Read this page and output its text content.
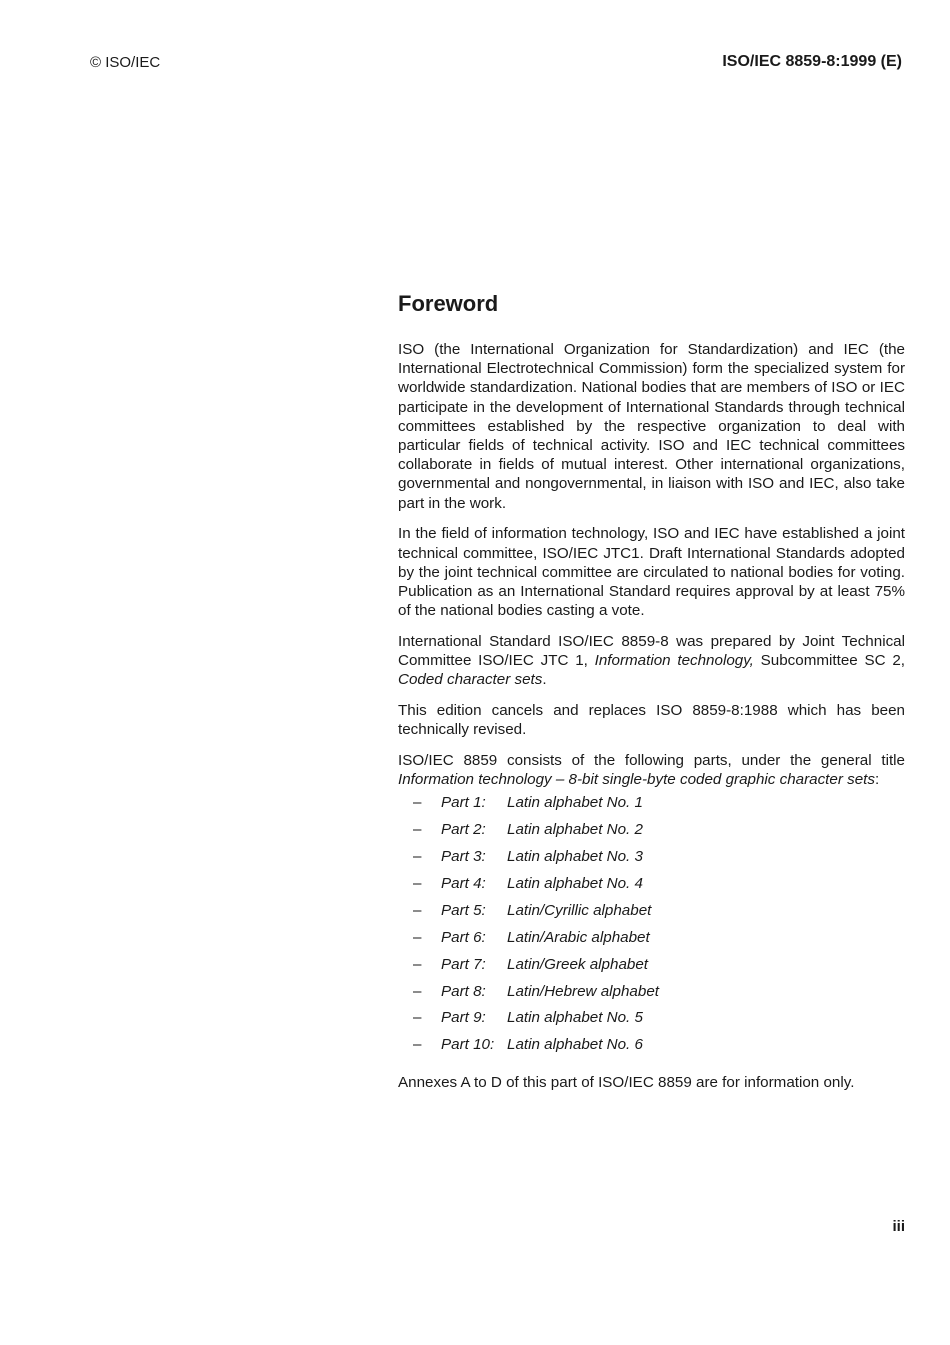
© ISO/IEC	ISO/IEC 8859-8:1999 (E)
Foreword

ISO (the International Organization for Standardization) and IEC (the International Electrotechnical Commission) form the specialized system for worldwide standardization. National bodies that are members of ISO or IEC participate in the development of International Standards through technical committees established by the respective organization to deal with particular fields of technical activity. ISO and IEC technical committees collaborate in fields of mutual interest. Other international organizations, governmental and nongovernmental, in liaison with ISO and IEC, also take part in the work.

In the field of information technology, ISO and IEC have established a joint technical committee, ISO/IEC JTC1. Draft International Standards adopted by the joint technical committee are circulated to national bodies for voting. Publication as an International Standard requires approval by at least 75% of the national bodies casting a vote.

International Standard ISO/IEC 8859-8 was prepared by Joint Technical Committee ISO/IEC JTC 1, Information technology, Subcommittee SC 2, Coded character sets.

This edition cancels and replaces ISO 8859-8:1988 which has been technically revised.

ISO/IEC 8859 consists of the following parts, under the general title Information technology – 8-bit single-byte coded graphic character sets:

– Part 1: Latin alphabet No. 1
– Part 2: Latin alphabet No. 2
– Part 3: Latin alphabet No. 3
– Part 4: Latin alphabet No. 4
– Part 5: Latin/Cyrillic alphabet
– Part 6: Latin/Arabic alphabet
– Part 7: Latin/Greek alphabet
– Part 8: Latin/Hebrew alphabet
– Part 9: Latin alphabet No. 5
– Part 10: Latin alphabet No. 6

Annexes A to D of this part of ISO/IEC 8859 are for information only.

iii
